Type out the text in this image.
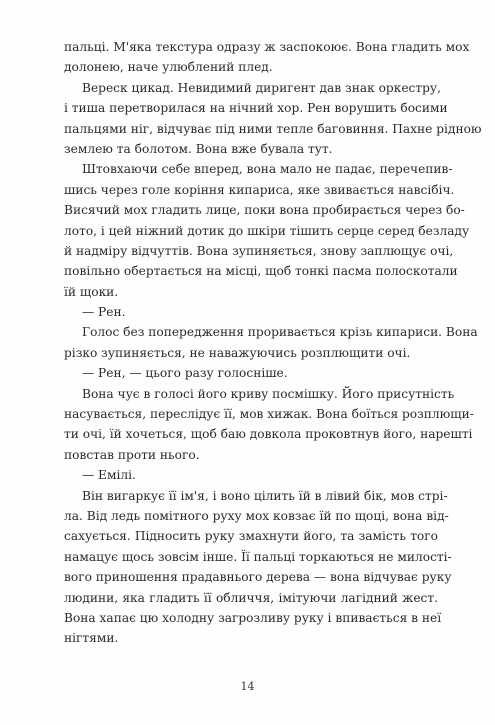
пальці. М'яка текстура одразу ж заспокоює. Вона гладить мох
долонею, наче улюблений плед.
Вереск цикад. Невидимий диригент дав знак оркестру,
і тиша перетворилася на нічний хор. Рен ворушить босими
пальцями ніг, відчуває під ними тепле баговиння. Пахне рідною
землею та болотом. Вона вже бувала тут.
Штовхаючи себе вперед, вона мало не падає, перечепив-
шись через голе коріння кипариса, яке звивається навсібіч.
Висячий мох гладить лице, поки вона пробирається через бо-
лото, і цей ніжний дотик до шкіри тішить серце серед безладу
й надміру відчуттів. Вона зупиняється, знову заплющує очі,
повільно обертається на місці, щоб тонкі пасма полоскотали
їй щоки.
— Рен.
Голос без попередження проривається крізь кипариси. Вона
різко зупиняється, не наважуючись розплющити очі.
— Рен, — цього разу голосніше.
Вона чує в голосі його криву посмішку. Його присутність
насувається, переслідує її, мов хижак. Вона боїться розплющи-
ти очі, їй хочеться, щоб баю довкола проковтнув його, нарешті
повстав проти нього.
— Емілі.
Він вигаркує її ім'я, і воно цілить їй в лівий бік, мов стрі-
ла. Від ледь помітного руху мох ковзає їй по щоці, вона від-
сахується. Підносить руку змахнути його, та замість того
намацує щось зовсім інше. Її пальці торкаються не милості-
вого приношення прадавнього дерева — вона відчуває руку
людини, яка гладить її обличчя, імітуючи лагідний жест.
Вона хапає цю холодну загрозливу руку і впивається в неї
нігтями.
14
